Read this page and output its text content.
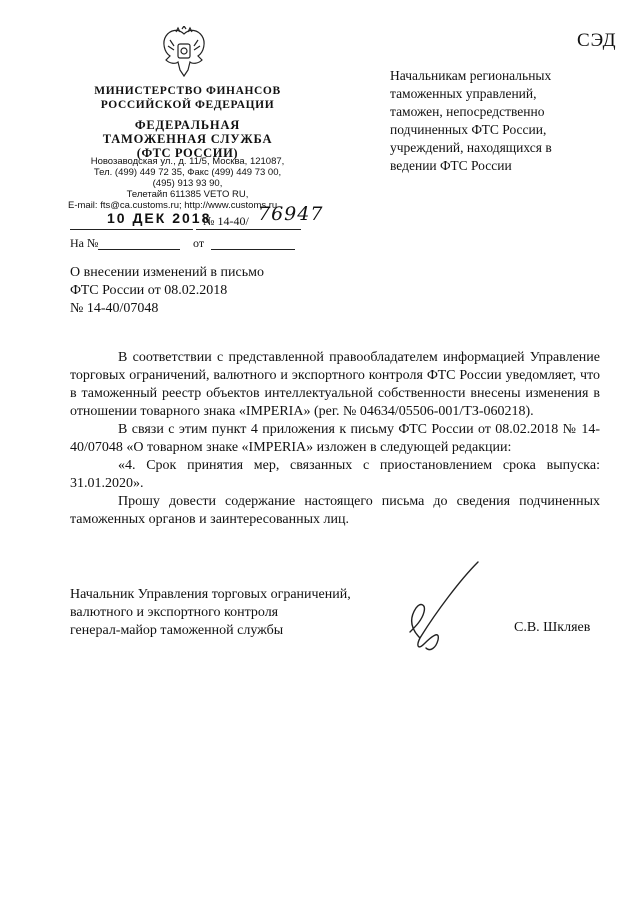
СЭД
МИНИСТЕРСТВО ФИНАНСОВ
РОССИЙСКОЙ ФЕДЕРАЦИИ
ФЕДЕРАЛЬНАЯ
ТАМОЖЕННАЯ СЛУЖБА
(ФТС РОССИИ)
Новозаводская ул., д. 11/5, Москва, 121087,
Тел. (499) 449 72 35, Факс (499) 449 73 00,
(495) 913 93 90,
Телетайп 611385 VETO RU,
E-mail: fts@ca.customs.ru; http://www.customs.ru
Начальникам региональных
таможенных управлений,
таможен, непосредственно
подчиненных ФТС России,
учреждений, находящихся в
ведении ФТС России
10 ДЕК 2018
№ 14-40/ 76947
На №	от
О внесении изменений в письмо
ФТС России от 08.02.2018
№ 14-40/07048

В соответствии с представленной правообладателем информацией Управление торговых ограничений, валютного и экспортного контроля ФТС России уведомляет, что в таможенный реестр объектов интеллектуальной собственности внесены изменения в отношении товарного знака «IMPERIA» (рег. № 04634/05506-001/ТЗ-060218).

В связи с этим пункт 4 приложения к письму ФТС России от 08.02.2018 № 14-40/07048 «О товарном знаке «IMPERIA» изложен в следующей редакции:

«4. Срок принятия мер, связанных с приостановлением срока выпуска: 31.01.2020».

Прошу довести содержание настоящего письма до сведения подчиненных таможенных органов и заинтересованных лиц.

Начальник Управления торговых ограничений,
валютного и экспортного контроля
генерал-майор таможенной службы	С.В. Шкляев
